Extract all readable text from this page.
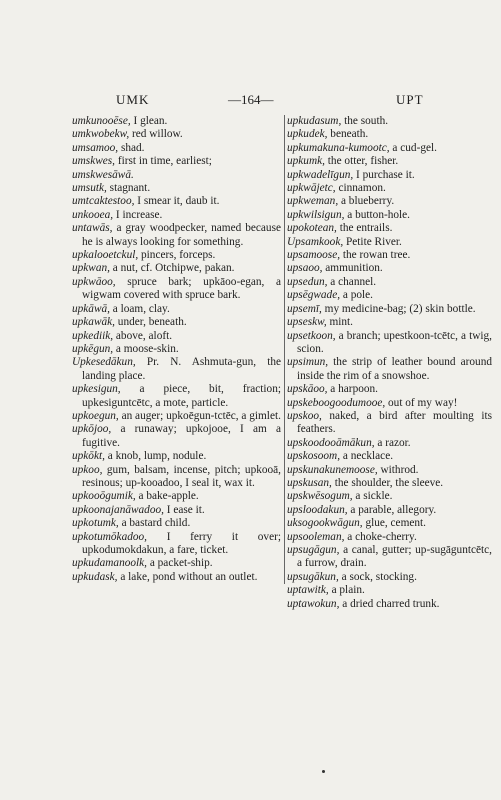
UMK	—164—	UPT
umkunooēse, I glean.
umkwobekw, red willow.
umsamoo, shad.
umskwes, first in time, earliest;
umskwesāwā.
umsutk, stagnant.
umtcaktestoo, I smear it, daub it.
unkooea, I increase.
untawās, a gray woodpecker, named because he is always looking for something.
upkalooetckul, pincers, forceps.
upkwan, a nut, cf. Otchipwe, pakan.
upkwāoo, spruce bark; upkāoo-egan, a wigwam covered with spruce bark.
upkāwā, a loam, clay.
upkawāk, under, beneath.
upkediik, above, aloft.
upkēgun, a moose-skin.
Upkesedākun, Pr. N. Ashmuta-gun, the landing place.
upkesigun, a piece, bit, fraction; upkesiguntcētc, a mote, particle.
upkoegun, an auger; upkoēgun-tctēc, a gimlet.
upkōjoo, a runaway; upkojooe, I am a fugitive.
upkōkt, a knob, lump, nodule.
upkoo, gum, balsam, incense, pitch; upkooā, resinous; up-kooadoo, I seal it, wax it.
upkooōgumik, a bake-apple.
upkoonajanāwadoo, I ease it.
upkotumk, a bastard child.
upkotumōkadoo, I ferry it over; upkodumokdakun, a fare, ticket.
upkudamanoolk, a packet-ship.
upkudask, a lake, pond without an outlet.
upkudasum, the south.
upkudek, beneath.
upkumakuna-kumootc, a cud-gel.
upkumk, the otter, fisher.
upkwadelīgun, I purchase it.
upkwājetc, cinnamon.
upkweman, a blueberry.
upkwilsigun, a button-hole.
upokotean, the entrails.
Upsamkook, Petite River.
upsamoose, the rowan tree.
upsaoo, ammunition.
upsedun, a channel.
upsēgwade, a pole.
upsemī, my medicine-bag; (2) skin bottle.
upseskw, mint.
upsetkoon, a branch; upestkoon-tcētc, a twig, scion.
upsimun, the strip of leather bound around inside the rim of a snowshoe.
upskāoo, a harpoon.
upskeboogoodumooe, out of my way!
upskoo, naked, a bird after moulting its feathers.
upskoodooāmākun, a razor.
upskosoom, a necklace.
upskunakunemoose, withrod.
upskusan, the shoulder, the sleeve.
upskwēsogum, a sickle.
upsloodakun, a parable, allegory.
uksogookwāgun, glue, cement.
upsooleman, a choke-cherry.
upsugāgun, a canal, gutter; up-sugāguntcētc, a furrow, drain.
upsugākun, a sock, stocking.
uptawitk, a plain.
uptawokun, a dried charred trunk.
